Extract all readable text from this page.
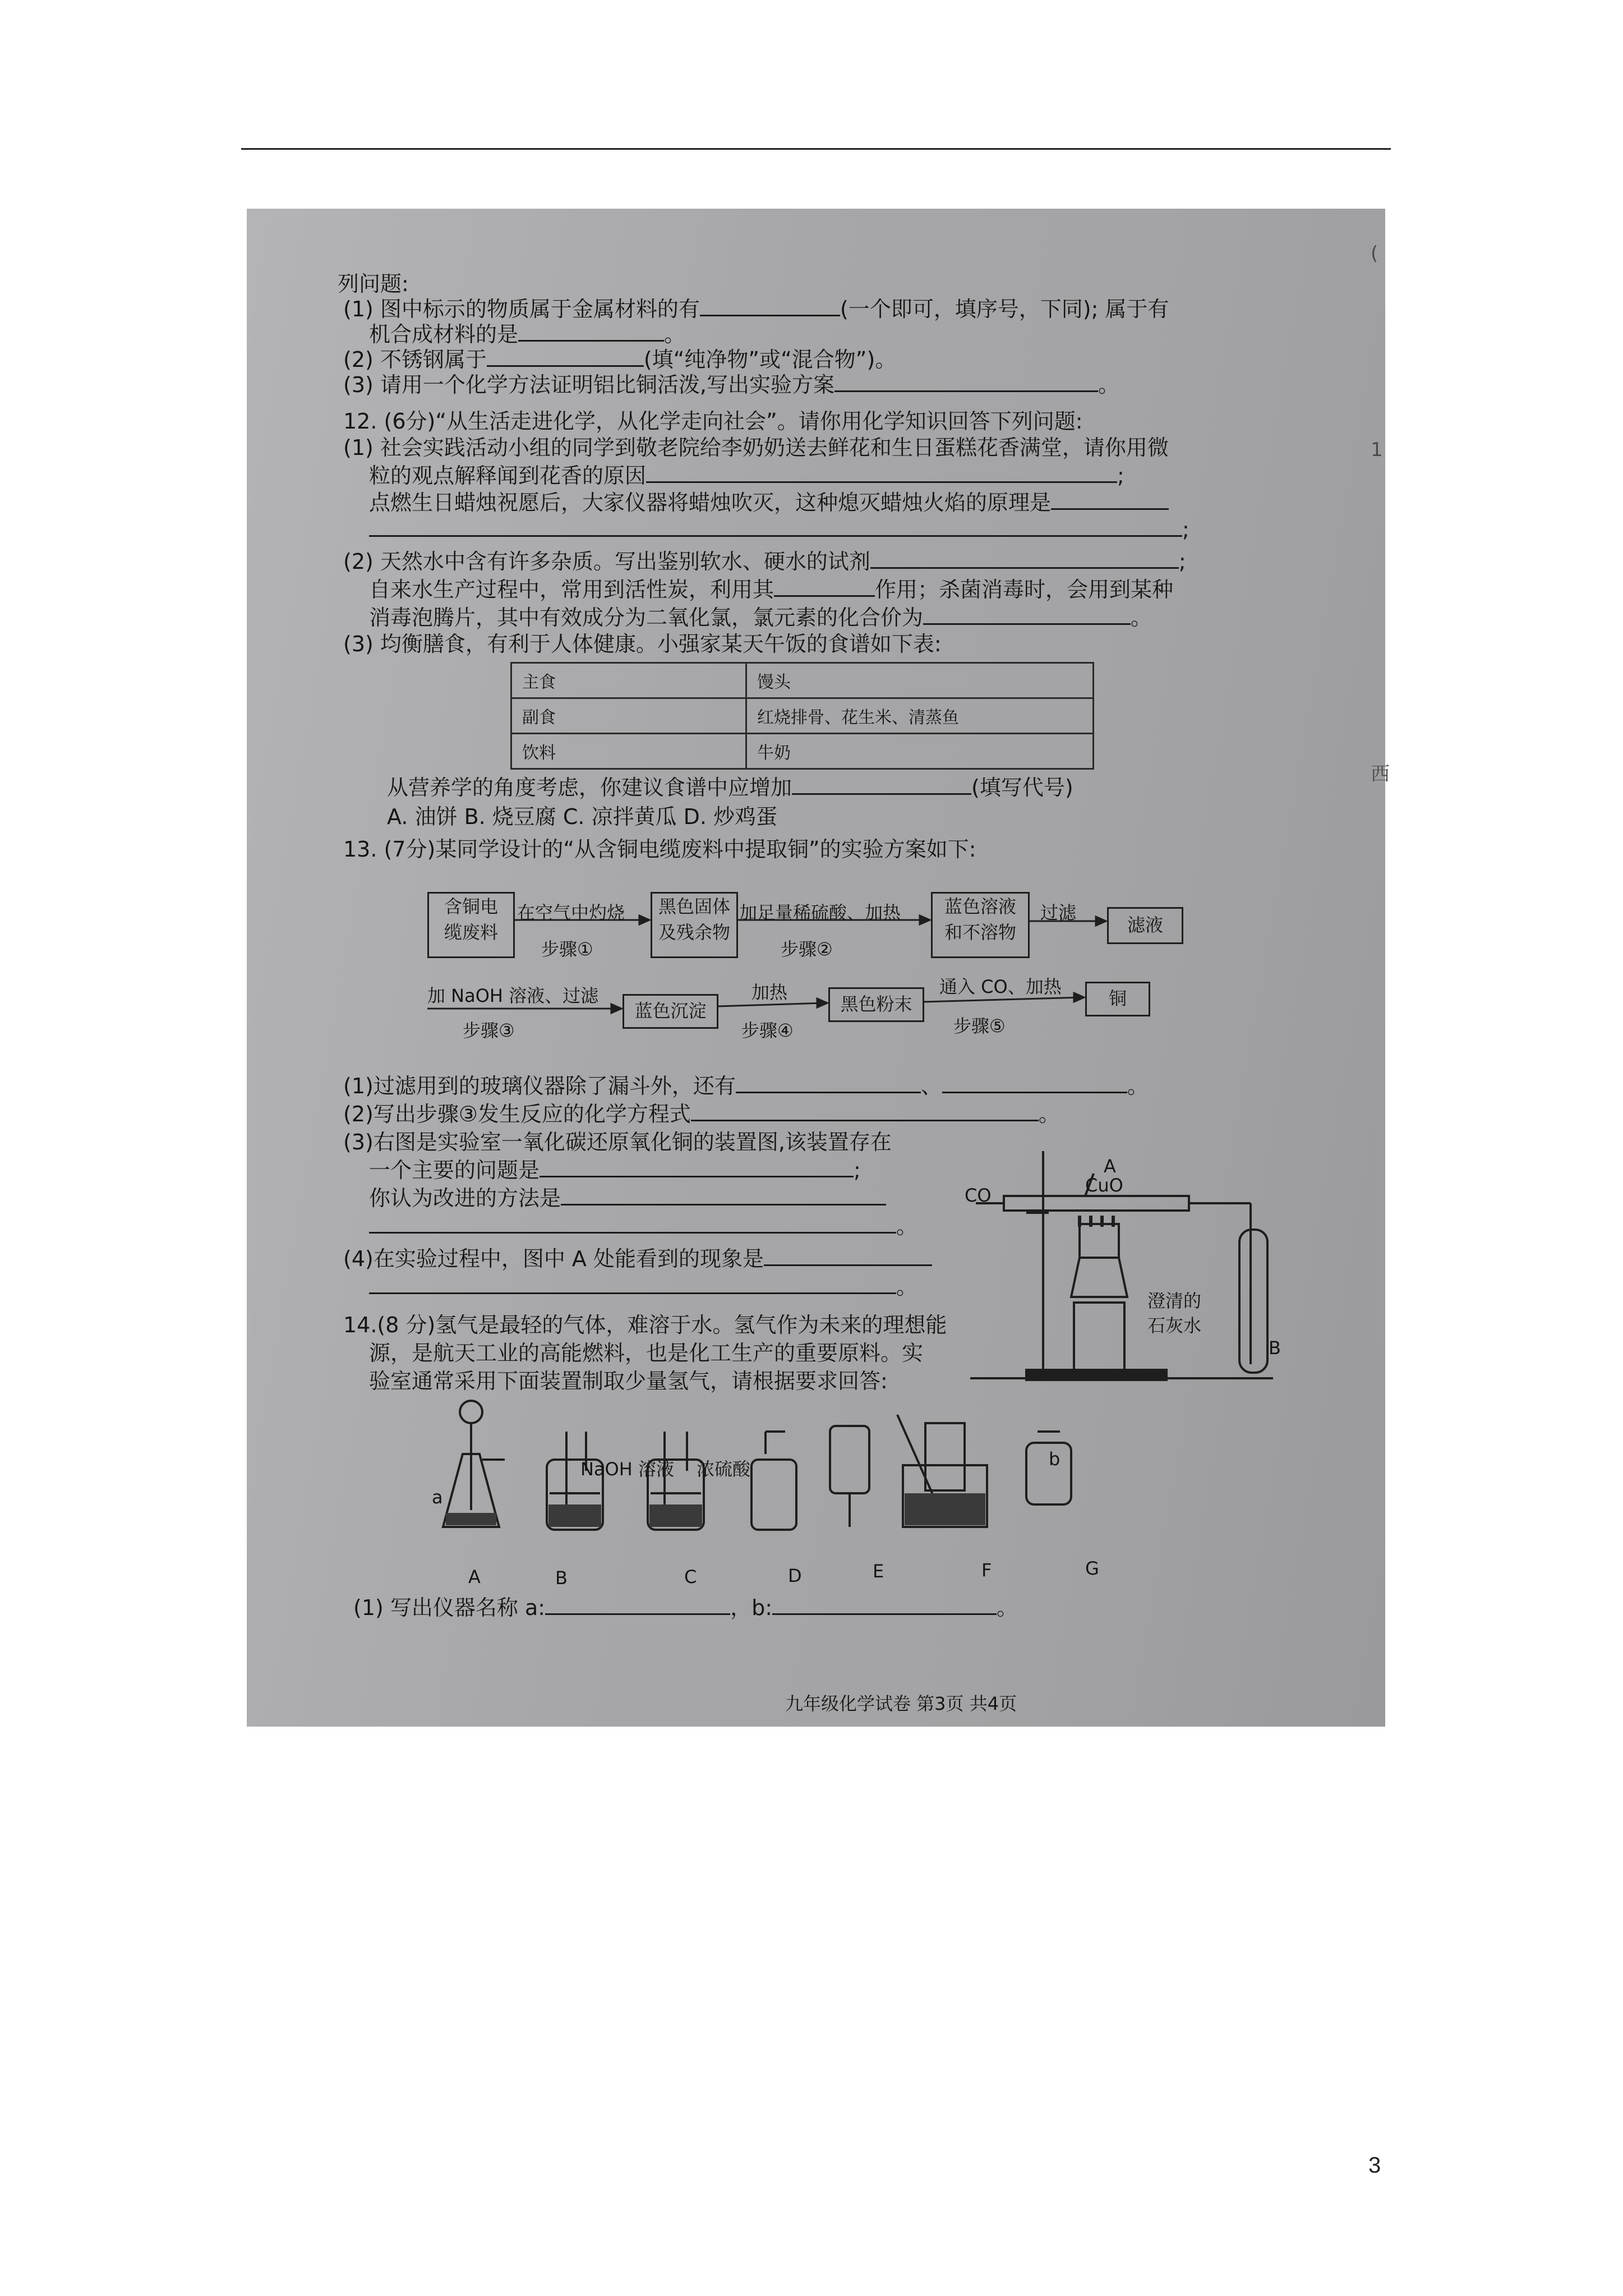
(
1
西
列问题:
(1) 图中标示的物质属于金属材料的有	(一个即可，填序号，下同); 属于有
机合成材料的是	。
(2) 不锈钢属于	(填“纯净物”或“混合物”)。
(3) 请用一个化学方法证明铝比铜活泼,写出实验方案	。
12. (6分)“从生活走进化学，从化学走向社会”。请你用化学知识回答下列问题:
(1) 社会实践活动小组的同学到敬老院给李奶奶送去鲜花和生日蛋糕花香满堂，请你用微
粒的观点解释闻到花香的原因	;
点燃生日蜡烛祝愿后，大家仪器将蜡烛吹灭，这种熄灭蜡烛火焰的原理是
;
(2) 天然水中含有许多杂质。写出鉴别软水、硬水的试剂	;
自来水生产过程中，常用到活性炭，利用其	作用；杀菌消毒时，会用到某种
消毒泡腾片，其中有效成分为二氧化氯，氯元素的化合价为	。
(3) 均衡膳食，有利于人体健康。小强家某天午饭的食谱如下表:
主食	馒头
副食	红烧排骨、花生米、清蒸鱼
饮料	牛奶
从营养学的角度考虑，你建议食谱中应增加	(填写代号)
A. 油饼 B. 烧豆腐 C. 凉拌黄瓜 D. 炒鸡蛋
13. (7分)某同学设计的“从含铜电缆废料中提取铜”的实验方案如下:
含铜电
缆废料
在空气中灼烧
步骤①
黑色固体
及残余物
加足量稀硫酸、加热
步骤②
蓝色溶液
和不溶物
过滤
滤液
加 NaOH 溶液、过滤
步骤③
蓝色沉淀
加热
步骤④
黑色粉末
通入 CO、加热
步骤⑤
铜
(1)过滤用到的玻璃仪器除了漏斗外，还有	、	。
(2)写出步骤③发生反应的化学方程式	。
(3)右图是实验室一氧化碳还原氧化铜的装置图,该装置存在
一个主要的问题是	;
你认为改进的方法是
。
(4)在实验过程中，图中 A 处能看到的现象是
。
CO	CuO
A
澄清的
石灰水
B
14.(8 分)氢气是最轻的气体，难溶于水。氢气作为未来的理想能
源，是航天工业的高能燃料，也是化工生产的重要原料。实
验室通常采用下面装置制取少量氢气，请根据要求回答:
NaOH 溶液 浓硫酸
a
b
A	B	C	D	E	F	G
(1) 写出仪器名称 a:	，b:	。
九年级化学试卷 第3页 共4页
3
